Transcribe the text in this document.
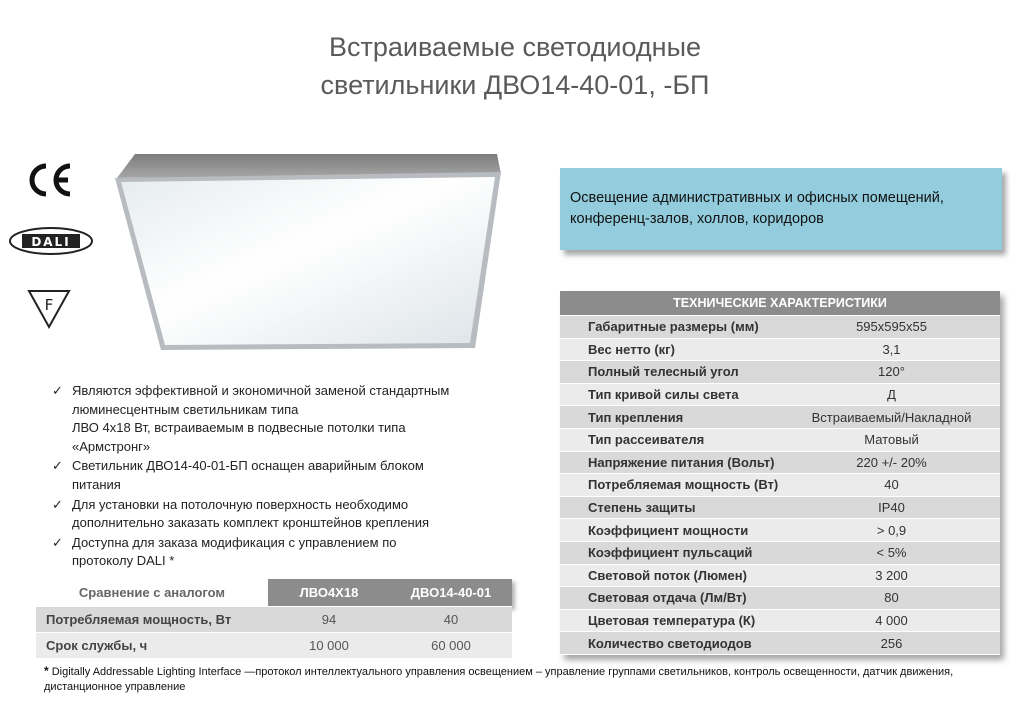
Встраиваемые светодиодные
светильники ДВО14-40-01, -БП
DALI
F
Освещение административных и офисных помещений, конференц-залов, холлов, коридоров
ТЕХНИЧЕСКИЕ ХАРАКТЕРИСТИКИ	
Габаритные размеры (мм)	595х595х55
Вес нетто (кг)	3,1
Полный телесный угол	120°
Тип кривой силы света	Д
Тип крепления	Встраиваемый/Накладной
Тип рассеивателя	Матовый
Напряжение питания (Вольт)	220 +/- 20%
Потребляемая мощность (Вт)	40
Степень защиты	IP40
Коэффициент мощности	> 0,9
Коэффициент пульсаций	< 5%
Световой поток (Люмен)	3 200
Световая отдача (Лм/Вт)	80
Цветовая температура (К)	4 000
Количество светодиодов	256
✓ Являются эффективной и экономичной заменой стандартным
люминесцентным светильникам типа
ЛВО 4х18 Вт, встраиваемым в подвесные потолки типа
«Армстронг»
✓ Светильник ДВО14-40-01-БП оснащен аварийным блоком
питания
✓ Для установки на потолочную поверхность необходимо
дополнительно заказать комплект кронштейнов крепления
✓ Доступна для заказа модификация с управлением по
протоколу DALI *
Сравнение с аналогом	ЛВО4Х18	ДВО14-40-01
Потребляемая мощность, Вт	94	40
Срок службы, ч	10 000	60 000
* Digitally Addressable Lighting Interface —протокол интеллектуального управления освещением – управление группами светильников, контроль освещенности, датчик движения, дистанционное управление
